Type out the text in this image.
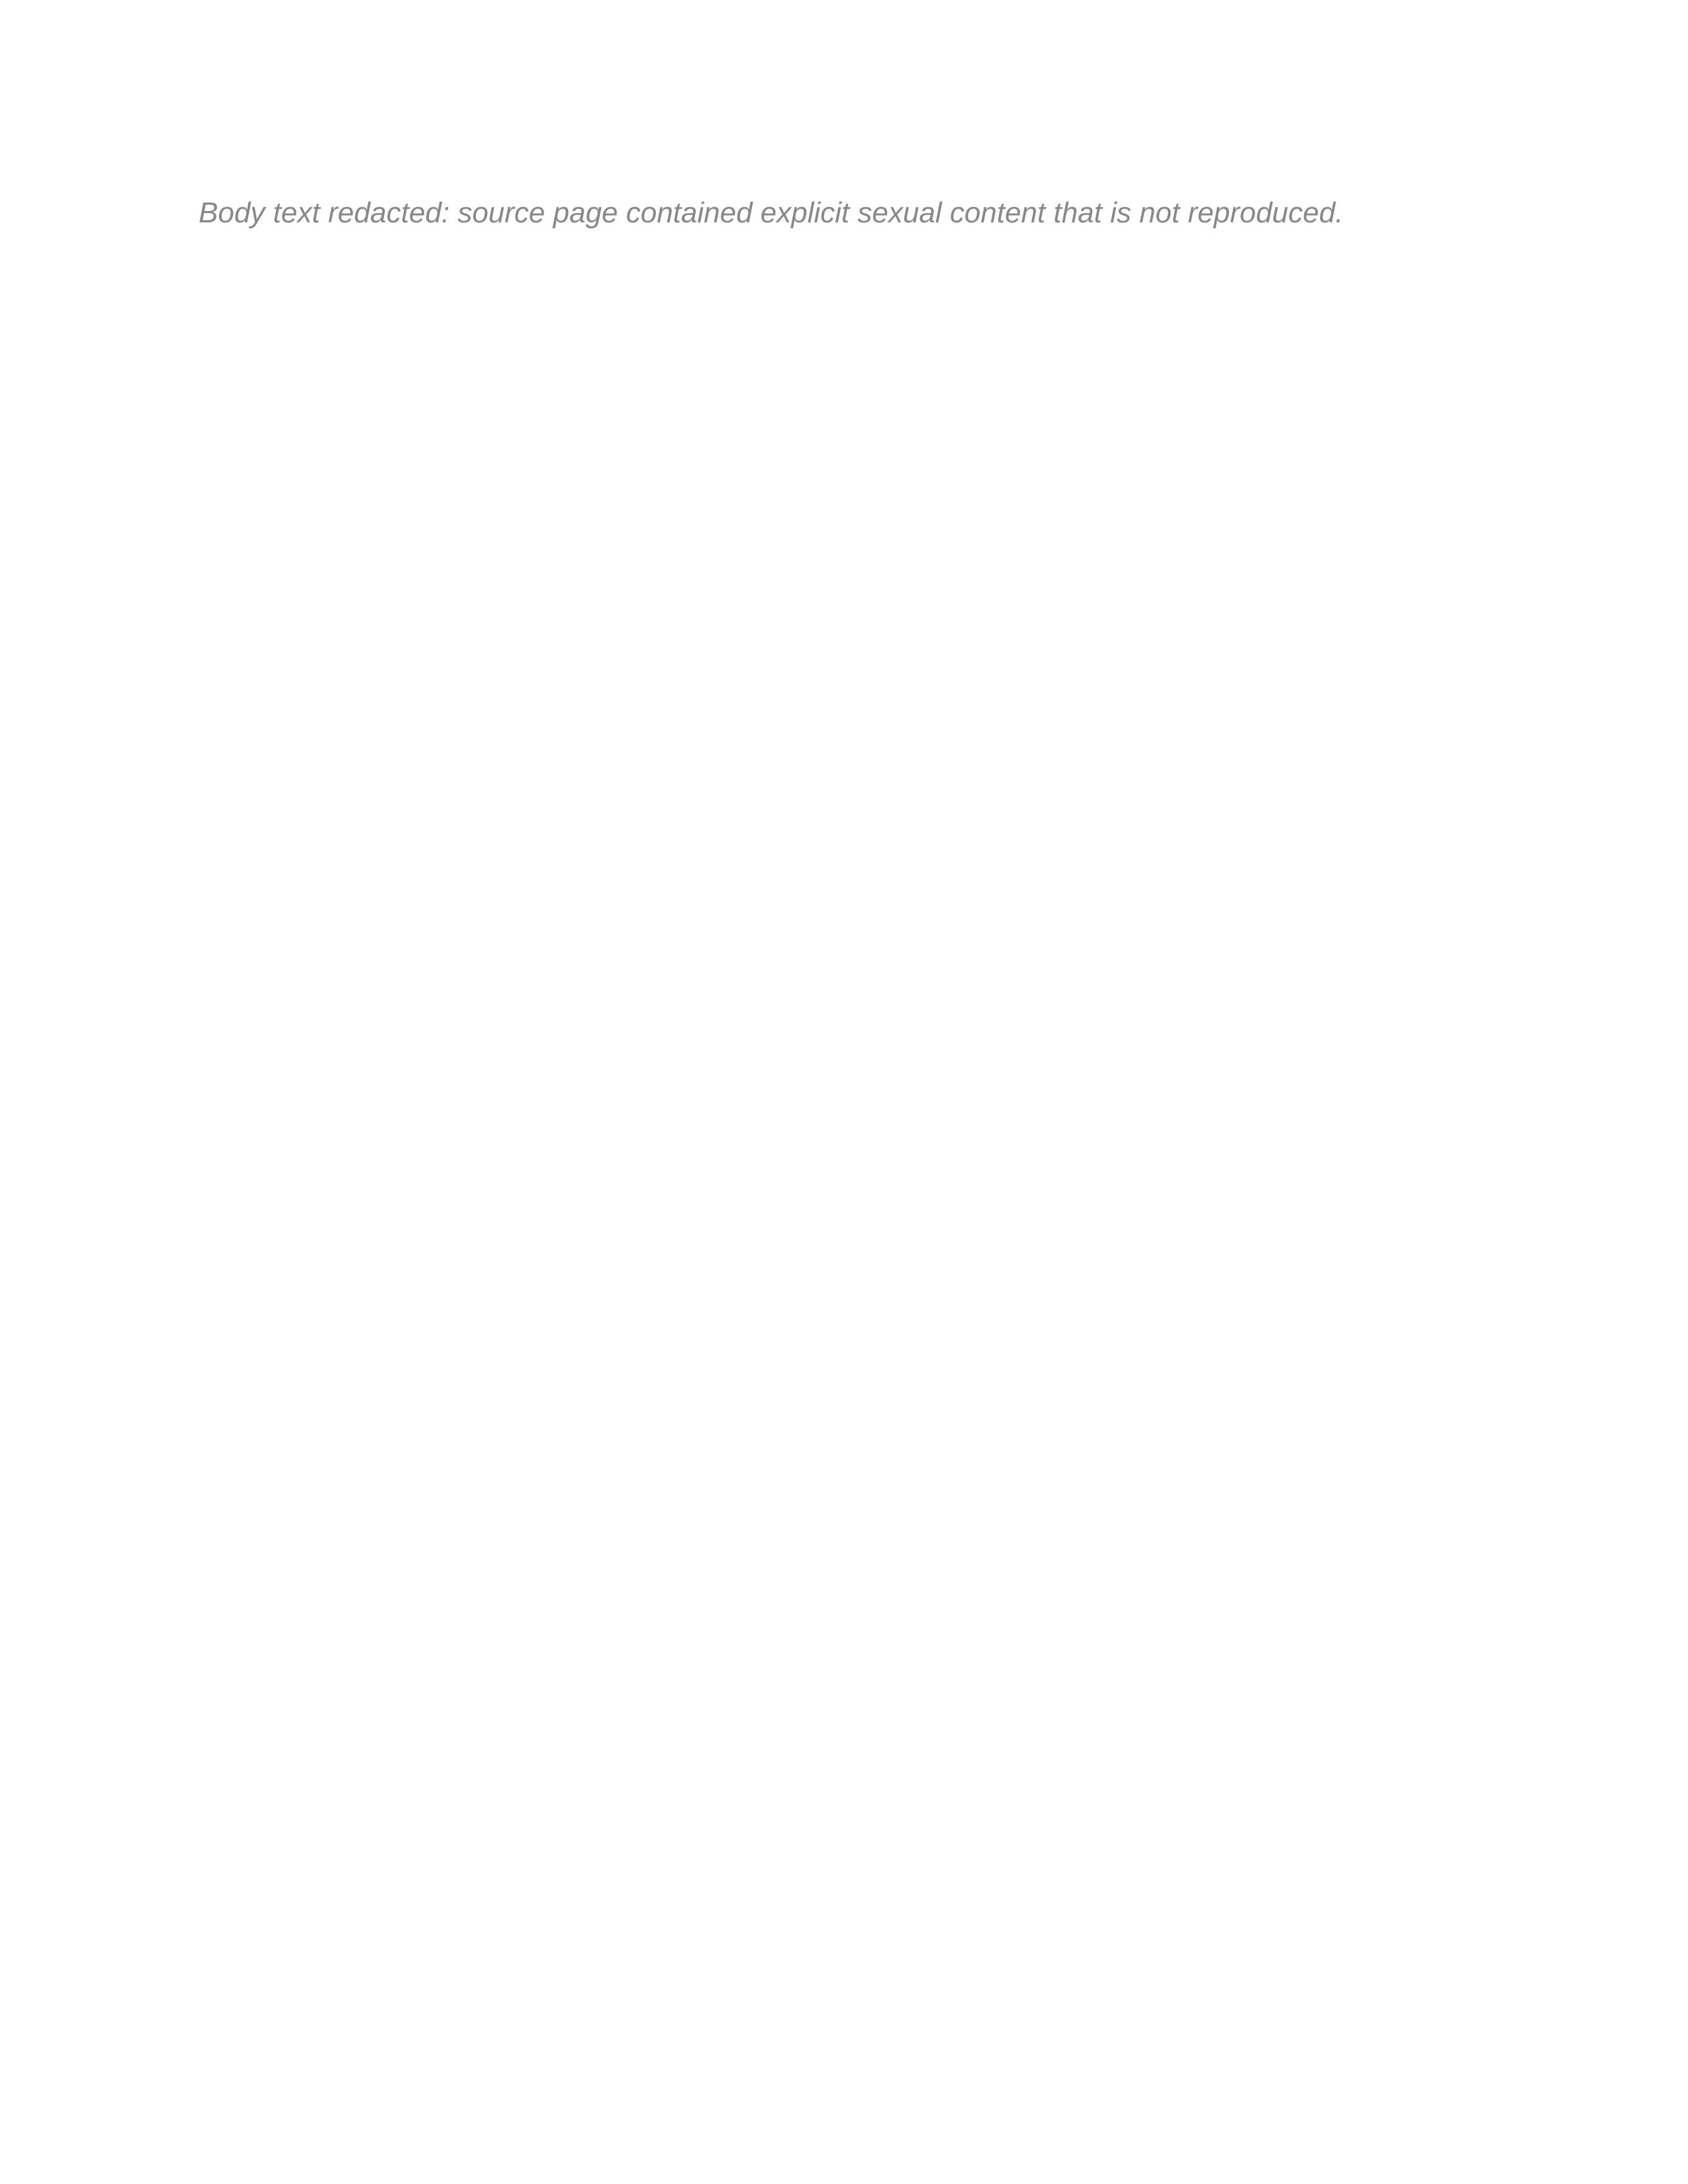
Body text redacted: source page contained explicit sexual content that is not reproduced.
